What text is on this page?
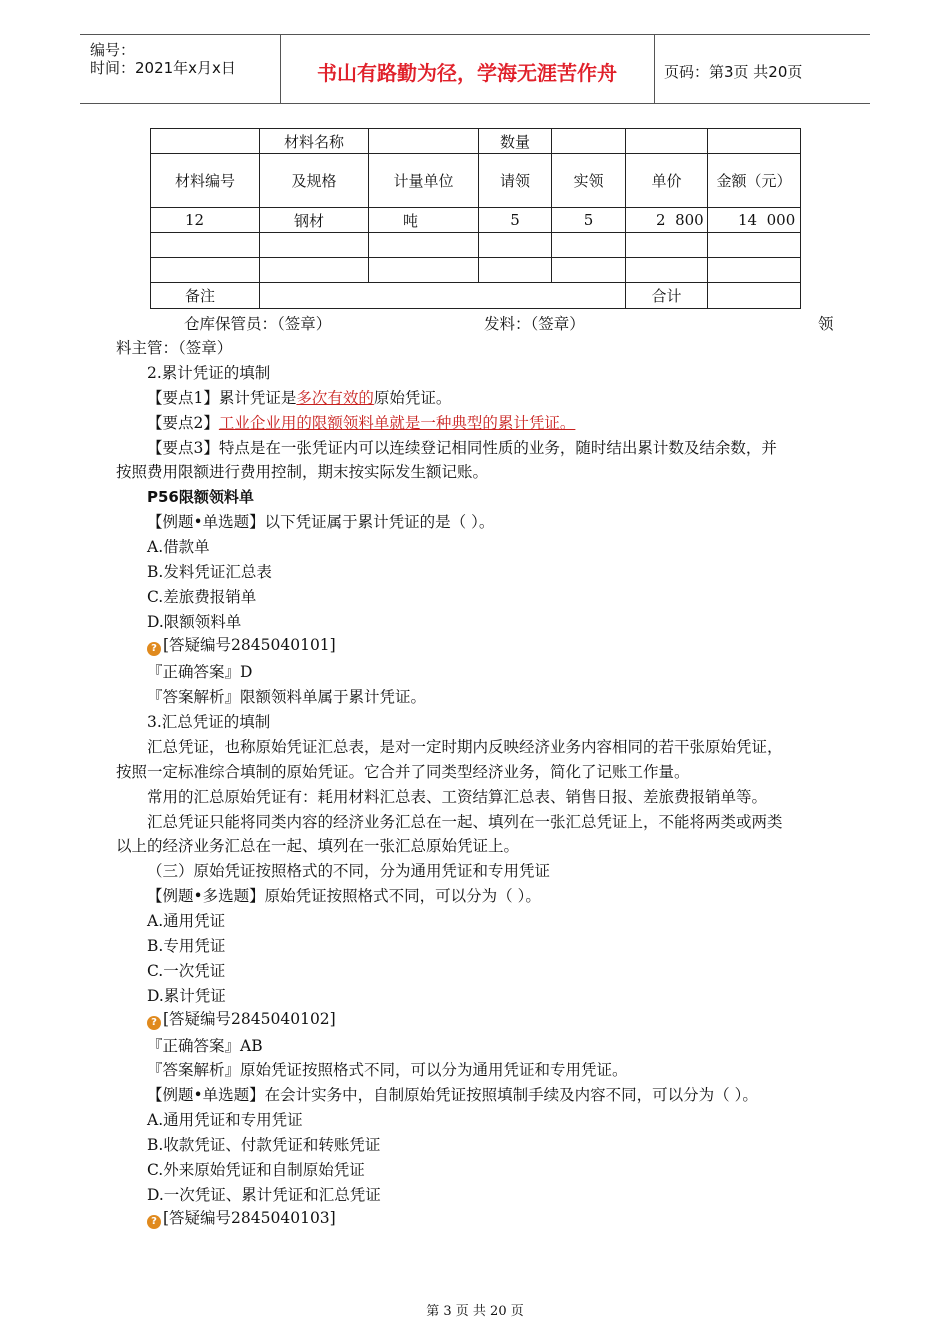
编号：
时间：2021年x月x日	书山有路勤为径，学海无涯苦作舟	页码：第3页 共20页
	材料名称		数量			
材料编号	及规格	计量单位	请领	实领	单价	金额（元）
12	钢材	吨	5	5	2  800	14  000

备注					合计	
仓库保管员：（签章）	发料：（签章）	领
料主管：（签章）
2.累计凭证的填制
【要点1】累计凭证是多次有效的原始凭证。
【要点2】工业企业用的限额领料单就是一种典型的累计凭证。
【要点3】特点是在一张凭证内可以连续登记相同性质的业务，随时结出累计数及结余数，并
按照费用限额进行费用控制，期末按实际发生额记账。
P56限额领料单
【例题•单选题】以下凭证属于累计凭证的是（ ）。
A.借款单
B.发料凭证汇总表
C.差旅费报销单
D.限额领料单
? [答疑编号2845040101]
『正确答案』D
『答案解析』限额领料单属于累计凭证。
3.汇总凭证的填制
汇总凭证，也称原始凭证汇总表，是对一定时期内反映经济业务内容相同的若干张原始凭证，
按照一定标准综合填制的原始凭证。它合并了同类型经济业务，简化了记账工作量。
常用的汇总原始凭证有：耗用材料汇总表、工资结算汇总表、销售日报、差旅费报销单等。
汇总凭证只能将同类内容的经济业务汇总在一起、填列在一张汇总凭证上，不能将两类或两类
以上的经济业务汇总在一起、填列在一张汇总原始凭证上。
（三）原始凭证按照格式的不同，分为通用凭证和专用凭证
【例题•多选题】原始凭证按照格式不同，可以分为（ ）。
A.通用凭证
B.专用凭证
C.一次凭证
D.累计凭证
? [答疑编号2845040102]
『正确答案』AB
『答案解析』原始凭证按照格式不同，可以分为通用凭证和专用凭证。
【例题•单选题】在会计实务中，自制原始凭证按照填制手续及内容不同，可以分为（ ）。
A.通用凭证和专用凭证
B.收款凭证、付款凭证和转账凭证
C.外来原始凭证和自制原始凭证
D.一次凭证、累计凭证和汇总凭证
? [答疑编号2845040103]
第 3 页 共 20 页
